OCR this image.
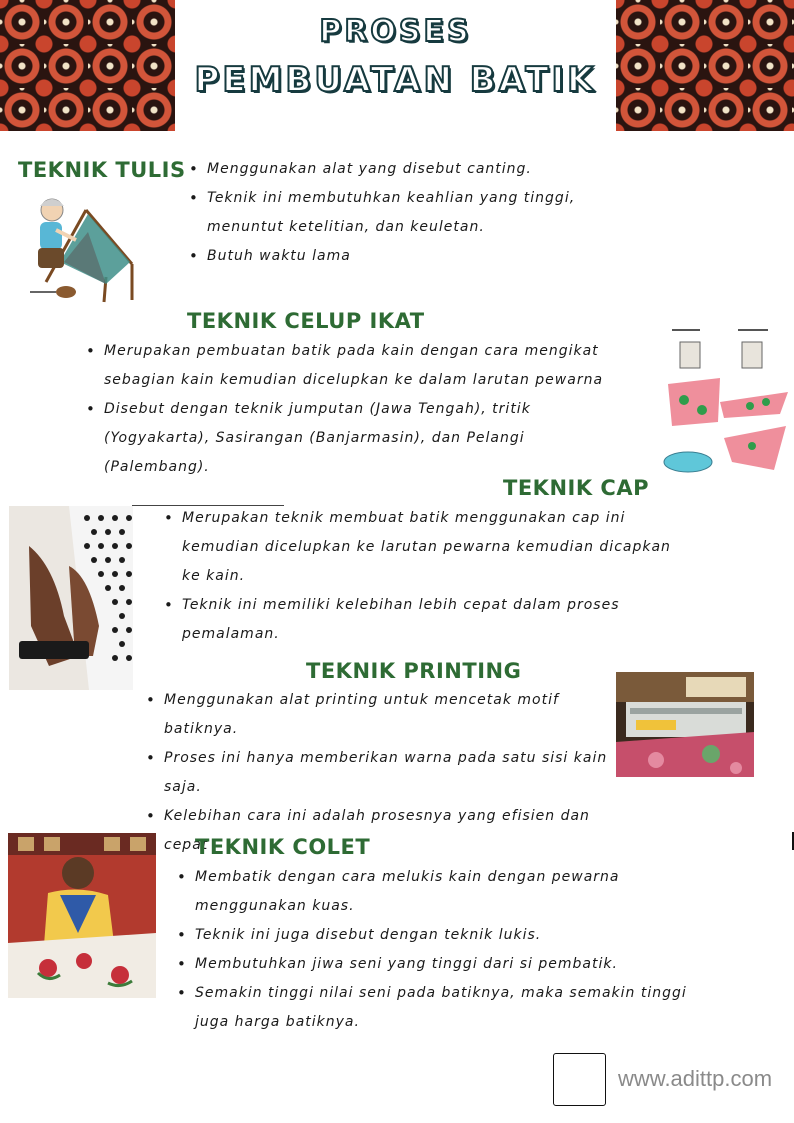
PROSES
PEMBUATAN BATIK
TEKNIK TULIS
•	Menggunakan alat yang disebut canting.
• Teknik ini membutuhkan keahlian yang tinggi, menuntut ketelitian, dan keuletan.
• Butuh waktu lama
TEKNIK CELUP IKAT
• Merupakan pembuatan batik pada kain dengan cara mengikat sebagian kain kemudian dicelupkan ke dalam larutan pewarna
• Disebut dengan teknik jumputan (Jawa Tengah), tritik (Yogyakarta), Sasirangan (Banjarmasin), dan Pelangi (Palembang).
TEKNIK CAP
• Merupakan teknik membuat batik menggunakan cap ini kemudian dicelupkan ke larutan pewarna kemudian dicapkan ke kain.
• Teknik ini memiliki kelebihan lebih cepat dalam proses pemalaman.
TEKNIK PRINTING
• Menggunakan alat printing untuk mencetak motif batiknya.
• Proses ini hanya memberikan warna pada satu sisi kain saja.
• Kelebihan cara ini adalah prosesnya yang efisien dan cepat
TEKNIK COLET
• Membatik dengan cara melukis kain dengan pewarna menggunakan kuas.
• Teknik ini juga disebut dengan teknik lukis.
• Membutuhkan jiwa seni yang tinggi dari si pembatik.
• Semakin tinggi nilai seni pada batiknya, maka semakin tinggi juga harga batiknya.
www.adittp.com
